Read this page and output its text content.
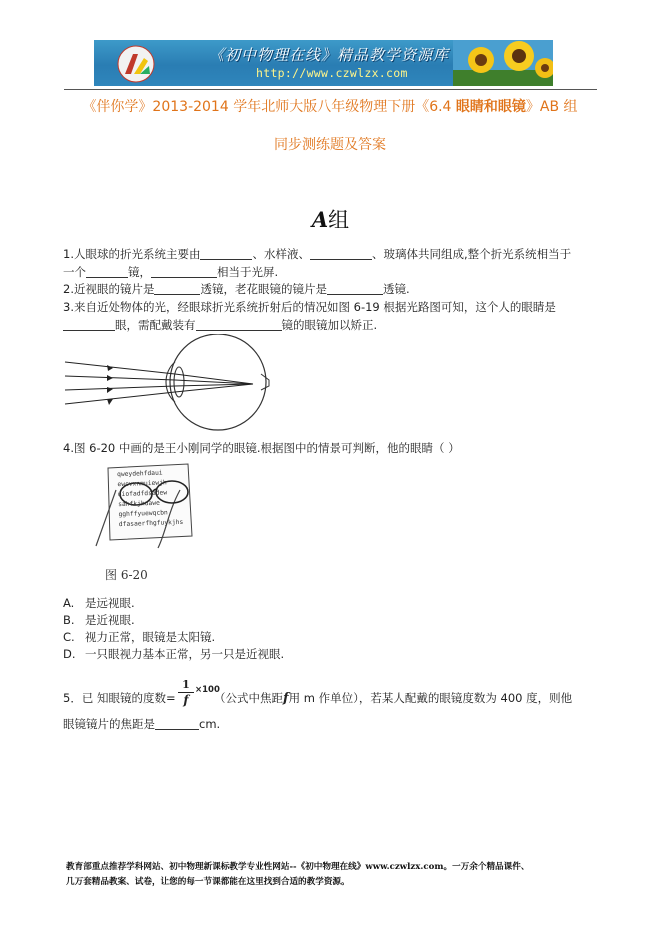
《初中物理在线》精品教学资源库
http://www.czwlzx.com
《伴你学》2013-2014 学年北师大版八年级物理下册《6.4 眼睛和眼镜》AB 组
同步测练题及答案
A组
1.人眼球的折光系统主要由	、水样液、	、玻璃体共同组成,整个折光系统相当于
一个	镜，	相当于光屏.
2.近视眼的镜片是	透镜，老花眼镜的镜片是	透镜.
3.来自近处物体的光，经眼球折光系统折射后的情况如图 6-19 根据光路图可知，这个人的眼睛是
眼，需配戴装有	镜的眼镜加以矫正.
4.图 6-20 中画的是王小刚同学的眼镜.根据图中的情景可判断，他的眼睛（ ）
qweydehfdaui
ewcvxnmuiewjh
uiofadfdsadew
sahfkjhuawe
gghffyuewqcbn
dfasaerfhgfuykjhs
图 6-20
A. 是远视眼.
B. 是近视眼.
C. 视力正常，眼镜是太阳镜.
D. 一只眼视力基本正常，另一只是近视眼.
5．已 知眼镜的度数=
1
f
×100
（公式中焦距f用 m 作单位），若某人配戴的眼镜度数为 400 度，则他
眼镜镜片的焦距是	cm.
教育部重点推荐学科网站、初中物理新课标教学专业性网站--《初中物理在线》www.czwlzx.com。一万余个精品课件、
几万套精品教案、试卷，让您的每一节课都能在这里找到合适的教学资源。
